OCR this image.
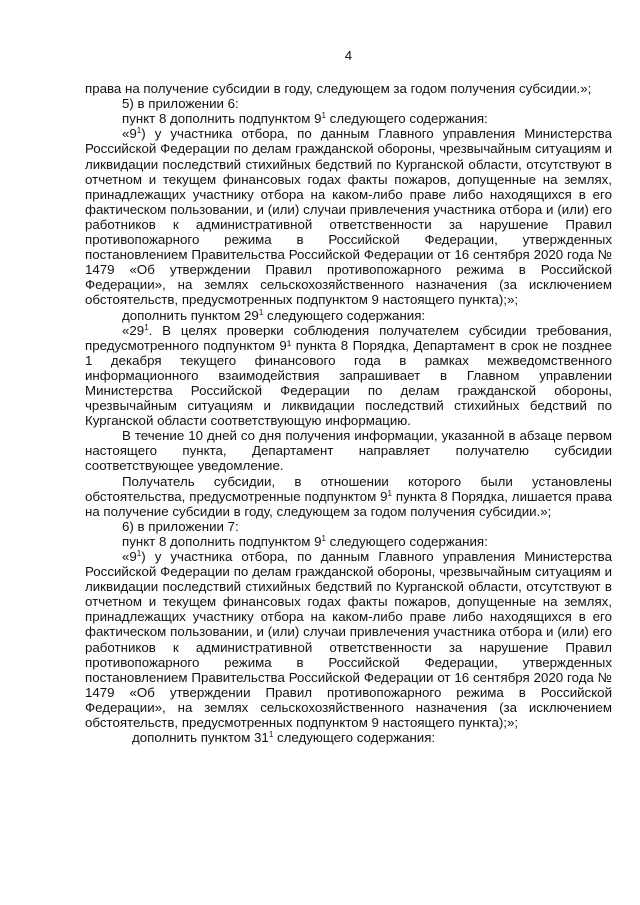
4

права на получение субсидии в году, следующем за годом получения субсидии.»;

5) в приложении 6:

пункт 8 дополнить подпунктом $9^1$ следующего содержания:

«$9^1$) у участника отбора, по данным Главного управления Министерства Российской Федерации по делам гражданской обороны, чрезвычайным ситуациям и ликвидации последствий стихийных бедствий по Курганской области, отсутствуют в отчетном и текущем финансовых годах факты пожаров, допущенные на землях, принадлежащих участнику отбора на каком-либо праве либо находящихся в его фактическом пользовании, и (или) случаи привлечения участника отбора и (или) его работников к административной ответственности за нарушение Правил противопожарного режима в Российской Федерации, утвержденных постановлением Правительства Российской Федерации от 16 сентября 2020 года № 1479 «Об утверждении Правил противопожарного режима в Российской Федерации», на землях сельскохозяйственного назначения (за исключением обстоятельств, предусмотренных подпунктом 9 настоящего пункта);»;

дополнить пунктом $29^1$ следующего содержания:

«$29^1$. В целях проверки соблюдения получателем субсидии требования, предусмотренного подпунктом 9¹ пункта 8 Порядка, Департамент в срок не позднее 1 декабря текущего финансового года в рамках межведомственного информационного взаимодействия запрашивает в Главном управлении Министерства Российской Федерации по делам гражданской обороны, чрезвычайным ситуациям и ликвидации последствий стихийных бедствий по Курганской области соответствующую информацию.

В течение 10 дней со дня получения информации, указанной в абзаце первом настоящего пункта, Департамент направляет получателю субсидии соответствующее уведомление.

Получатель субсидии, в отношении которого были установлены обстоятельства, предусмотренные подпунктом $9^1$ пункта 8 Порядка, лишается права на получение субсидии в году, следующем за годом получения субсидии.»;

6) в приложении 7:

пункт 8 дополнить подпунктом $9^1$ следующего содержания:

«$9^1$) у участника отбора, по данным Главного управления Министерства Российской Федерации по делам гражданской обороны, чрезвычайным ситуациям и ликвидации последствий стихийных бедствий по Курганской области, отсутствуют в отчетном и текущем финансовых годах факты пожаров, допущенные на землях, принадлежащих участнику отбора на каком-либо праве либо находящихся в его фактическом пользовании, и (или) случаи привлечения участника отбора и (или) его работников к административной ответственности за нарушение Правил противопожарного режима в Российской Федерации, утвержденных постановлением Правительства Российской Федерации от 16 сентября 2020 года № 1479 «Об утверждении Правил противопожарного режима в Российской Федерации», на землях сельскохозяйственного назначения (за исключением обстоятельств, предусмотренных подпунктом 9 настоящего пункта);»;

дополнить пунктом $31^1$ следующего содержания:
